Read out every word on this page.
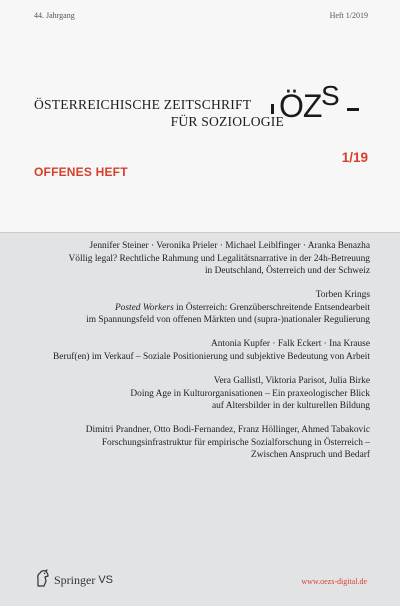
44. Jahrgang	Heft 1/2019
ÖSTERREICHISCHE ZEITSCHRIFT
FÜR SOZIOLOGIE
ÖZ S
OFFENES HEFT
1/19
Jennifer Steiner · Veronika Prieler · Michael Leiblfinger · Aranka Benazha
Völlig legal? Rechtliche Rahmung und Legalitätsnarrative in der 24h-Betreuung
in Deutschland, Österreich und der Schweiz
Torben Krings
Posted Workers in Österreich: Grenzüberschreitende Entsendearbeit
im Spannungsfeld von offenen Märkten und (supra-)nationaler Regulierung
Antonia Kupfer · Falk Eckert · Ina Krause
Beruf(en) im Verkauf – Soziale Positionierung und subjektive Bedeutung von Arbeit
Vera Gallistl, Viktoria Parisot, Julia Birke
Doing Age in Kulturorganisationen – Ein praxeologischer Blick
auf Altersbilder in der kulturellen Bildung
Dimitri Prandner, Otto Bodi-Fernandez, Franz Höllinger, Ahmed Tabakovic
Forschungsinfrastruktur für empirische Sozialforschung in Österreich –
Zwischen Anspruch und Bedarf
Springer VS	www.oezs-digital.de
